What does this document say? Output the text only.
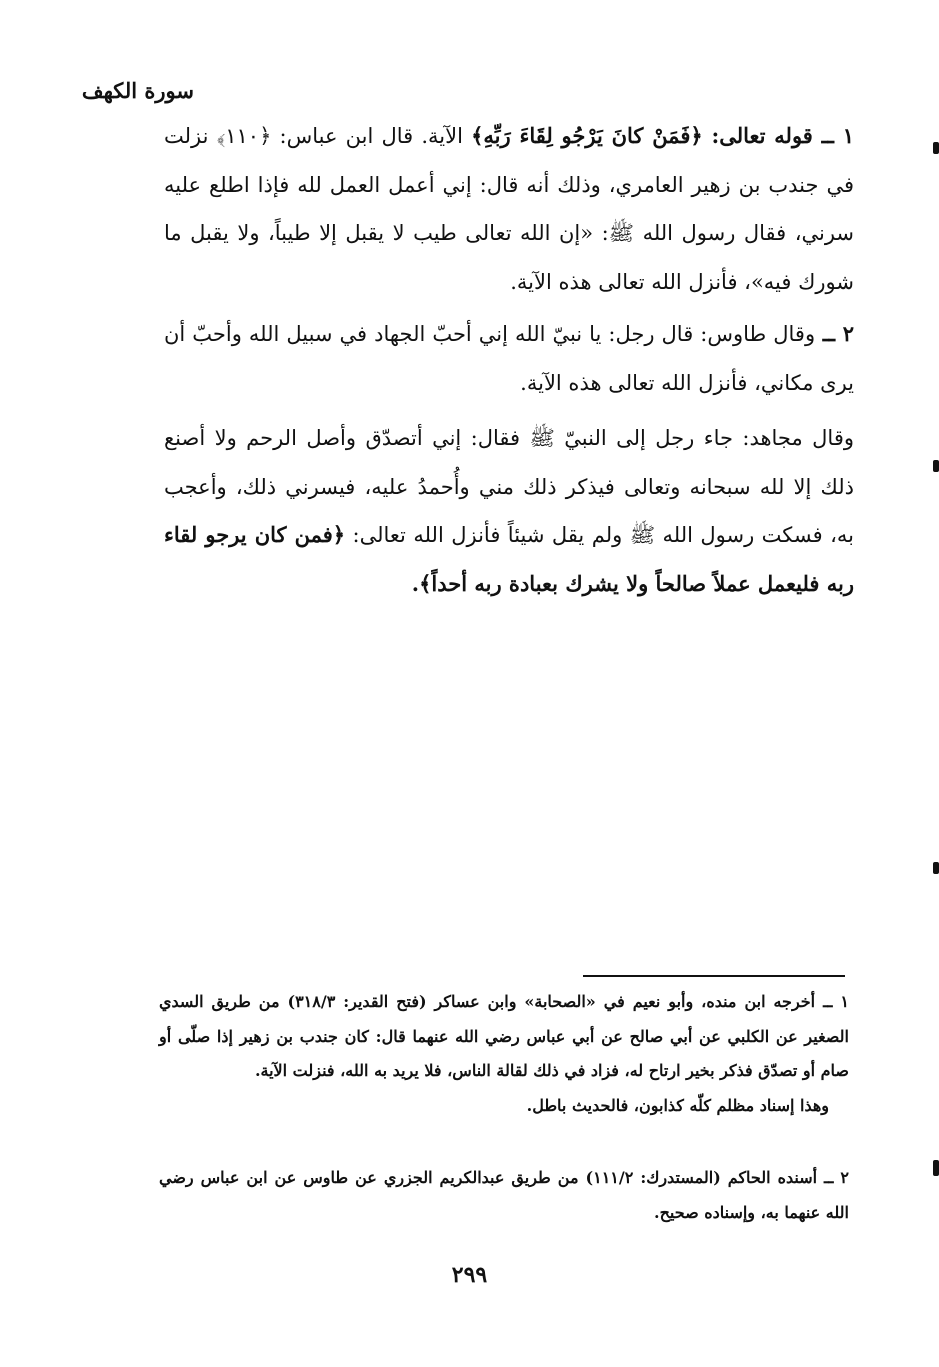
سورة الكهف

١ ــ قوله تعالى: ﴿فَمَنْ كانَ يَرْجُو لِقَاءَ رَبِّهِ﴾ الآية. قال ابن عباس: ﴿١١٠﴾ نزلت في جندب بن زهير العامري، وذلك أنه قال: إني أعمل العمل لله فإذا اطلع عليه سرني، فقال رسول الله ﷺ: «إن الله تعالى طيب لا يقبل إلا طيباً، ولا يقبل ما شورك فيه»، فأنزل الله تعالى هذه الآية.

٢ ــ وقال طاوس: قال رجل: يا نبيّ الله إني أحبّ الجهاد في سبيل الله وأحبّ أن يرى مكاني، فأنزل الله تعالى هذه الآية.

وقال مجاهد: جاء رجل إلى النبيّ ﷺ فقال: إني أتصدّق وأصل الرحم ولا أصنع ذلك إلا لله سبحانه وتعالى فيذكر ذلك مني وأُحمدُ عليه، فيسرني ذلك، وأعجب به، فسكت رسول الله ﷺ ولم يقل شيئاً فأنزل الله تعالى: ﴿فمن كان يرجو لقاء ربه فليعمل عملاً صالحاً ولا يشرك بعبادة ربه أحداً﴾.

١ ــ أخرجه ابن منده، وأبو نعيم في «الصحابة» وابن عساكر (فتح القدير: ٣١٨/٣) من طريق السدي الصغير عن الكلبي عن أبي صالح عن أبي عباس رضي الله عنهما قال: كان جندب بن زهير إذا صلّى أو صام أو تصدّق فذكر بخير ارتاح له، فزاد في ذلك لقالة الناس، فلا يريد به الله، فنزلت الآية.
وهذا إسناد مظلم كلّه كذابون، فالحديث باطل.
٢ ــ أسنده الحاكم (المستدرك: ١١١/٢) من طريق عبدالكريم الجزري عن طاوس عن ابن عباس رضي الله عنهما به، وإسناده صحيح.
٢٩٩
